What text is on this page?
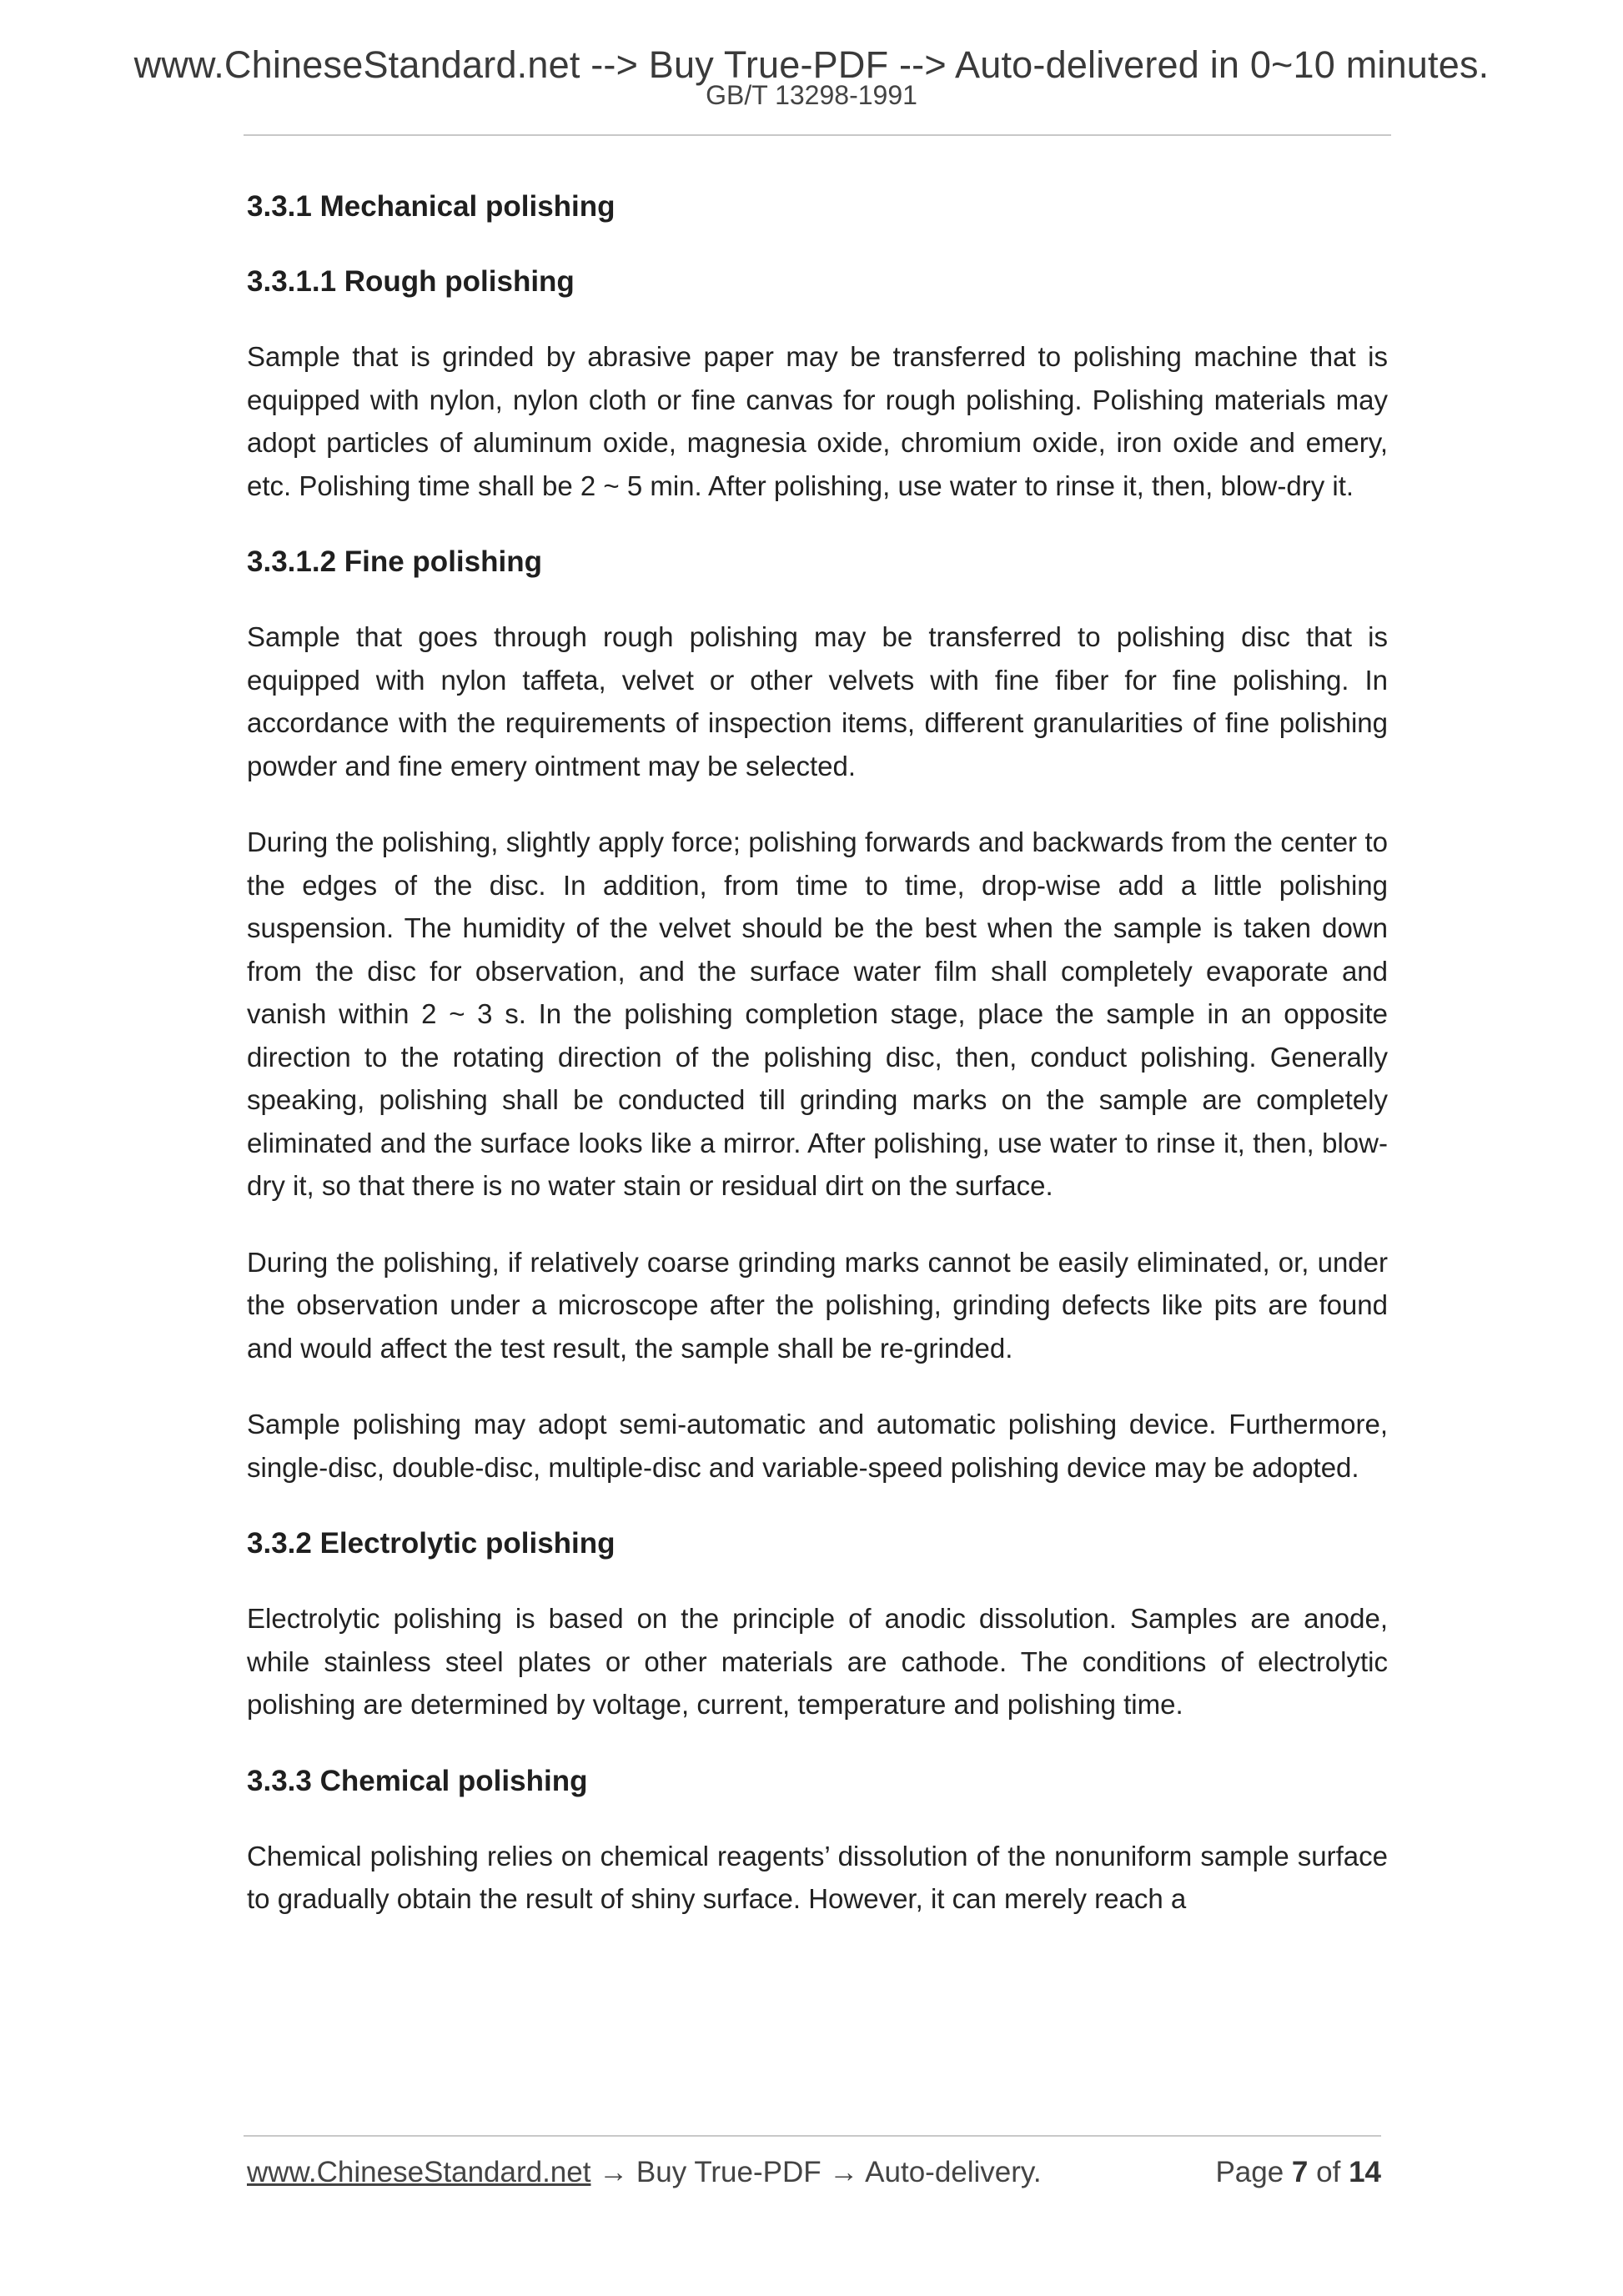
www.ChineseStandard.net --> Buy True-PDF --> Auto-delivered in 0~10 minutes.
GB/T 13298-1991

3.3.1 Mechanical polishing

3.3.1.1 Rough polishing

Sample that is grinded by abrasive paper may be transferred to polishing machine that is equipped with nylon, nylon cloth or fine canvas for rough polishing. Polishing materials may adopt particles of aluminum oxide, magnesia oxide, chromium oxide, iron oxide and emery, etc. Polishing time shall be 2 ~ 5 min. After polishing, use water to rinse it, then, blow-dry it.

3.3.1.2 Fine polishing

Sample that goes through rough polishing may be transferred to polishing disc that is equipped with nylon taffeta, velvet or other velvets with fine fiber for fine polishing. In accordance with the requirements of inspection items, different granularities of fine polishing powder and fine emery ointment may be selected.

During the polishing, slightly apply force; polishing forwards and backwards from the center to the edges of the disc. In addition, from time to time, drop-wise add a little polishing suspension. The humidity of the velvet should be the best when the sample is taken down from the disc for observation, and the surface water film shall completely evaporate and vanish within 2 ~ 3 s. In the polishing completion stage, place the sample in an opposite direction to the rotating direction of the polishing disc, then, conduct polishing. Generally speaking, polishing shall be conducted till grinding marks on the sample are completely eliminated and the surface looks like a mirror. After polishing, use water to rinse it, then, blow-dry it, so that there is no water stain or residual dirt on the surface.

During the polishing, if relatively coarse grinding marks cannot be easily eliminated, or, under the observation under a microscope after the polishing, grinding defects like pits are found and would affect the test result, the sample shall be re-grinded.

Sample polishing may adopt semi-automatic and automatic polishing device. Furthermore, single-disc, double-disc, multiple-disc and variable-speed polishing device may be adopted.

3.3.2 Electrolytic polishing

Electrolytic polishing is based on the principle of anodic dissolution. Samples are anode, while stainless steel plates or other materials are cathode. The conditions of electrolytic polishing are determined by voltage, current, temperature and polishing time.

3.3.3 Chemical polishing

Chemical polishing relies on chemical reagents’ dissolution of the nonuniform sample surface to gradually obtain the result of shiny surface. However, it can merely reach a

www.ChineseStandard.net → Buy True-PDF → Auto-delivery.	Page 7 of 14
